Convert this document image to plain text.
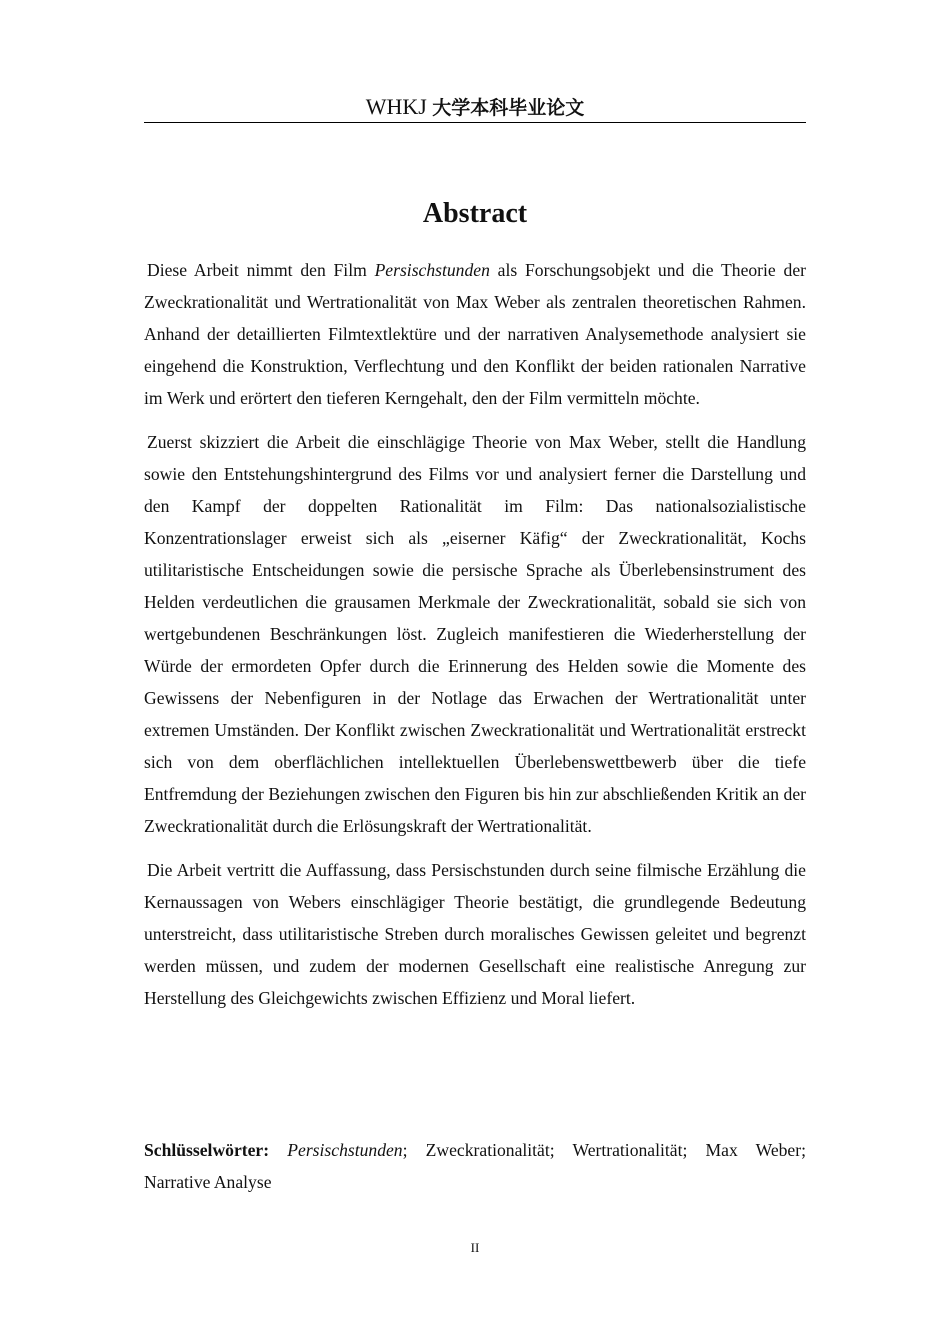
WHKJ 大学本科毕业论文
Abstract

Diese Arbeit nimmt den Film Persischstunden als Forschungsobjekt und die Theorie der Zweckrationalität und Wertrationalität von Max Weber als zentralen theoretischen Rahmen. Anhand der detaillierten Filmtextlektüre und der narrativen Analysemethode analysiert sie eingehend die Konstruktion, Verflechtung und den Konflikt der beiden rationalen Narrative im Werk und erörtert den tieferen Kerngehalt, den der Film vermitteln möchte.

Zuerst skizziert die Arbeit die einschlägige Theorie von Max Weber, stellt die Handlung sowie den Entstehungshintergrund des Films vor und analysiert ferner die Darstellung und den Kampf der doppelten Rationalität im Film: Das nationalsozialistische Konzentrationslager erweist sich als „eiserner Käfig“ der Zweckrationalität, Kochs utilitaristische Entscheidungen sowie die persische Sprache als Überlebensinstrument des Helden verdeutlichen die grausamen Merkmale der Zweckrationalität, sobald sie sich von wertgebundenen Beschränkungen löst. Zugleich manifestieren die Wiederherstellung der Würde der ermordeten Opfer durch die Erinnerung des Helden sowie die Momente des Gewissens der Nebenfiguren in der Notlage das Erwachen der Wertrationalität unter extremen Umständen. Der Konflikt zwischen Zweckrationalität und Wertrationalität erstreckt sich von dem oberflächlichen intellektuellen Überlebenswettbewerb über die tiefe Entfremdung der Beziehungen zwischen den Figuren bis hin zur abschließenden Kritik an der Zweckrationalität durch die Erlösungskraft der Wertrationalität.

Die Arbeit vertritt die Auffassung, dass Persischstunden durch seine filmische Erzählung die Kernaussagen von Webers einschlägiger Theorie bestätigt, die grundlegende Bedeutung unterstreicht, dass utilitaristische Streben durch moralisches Gewissen geleitet und begrenzt werden müssen, und zudem der modernen Gesellschaft eine realistische Anregung zur Herstellung des Gleichgewichts zwischen Effizienz und Moral liefert.

Schlüsselwörter: Persischstunden; Zweckrationalität; Wertrationalität; Max Weber; Narrative Analyse
II
